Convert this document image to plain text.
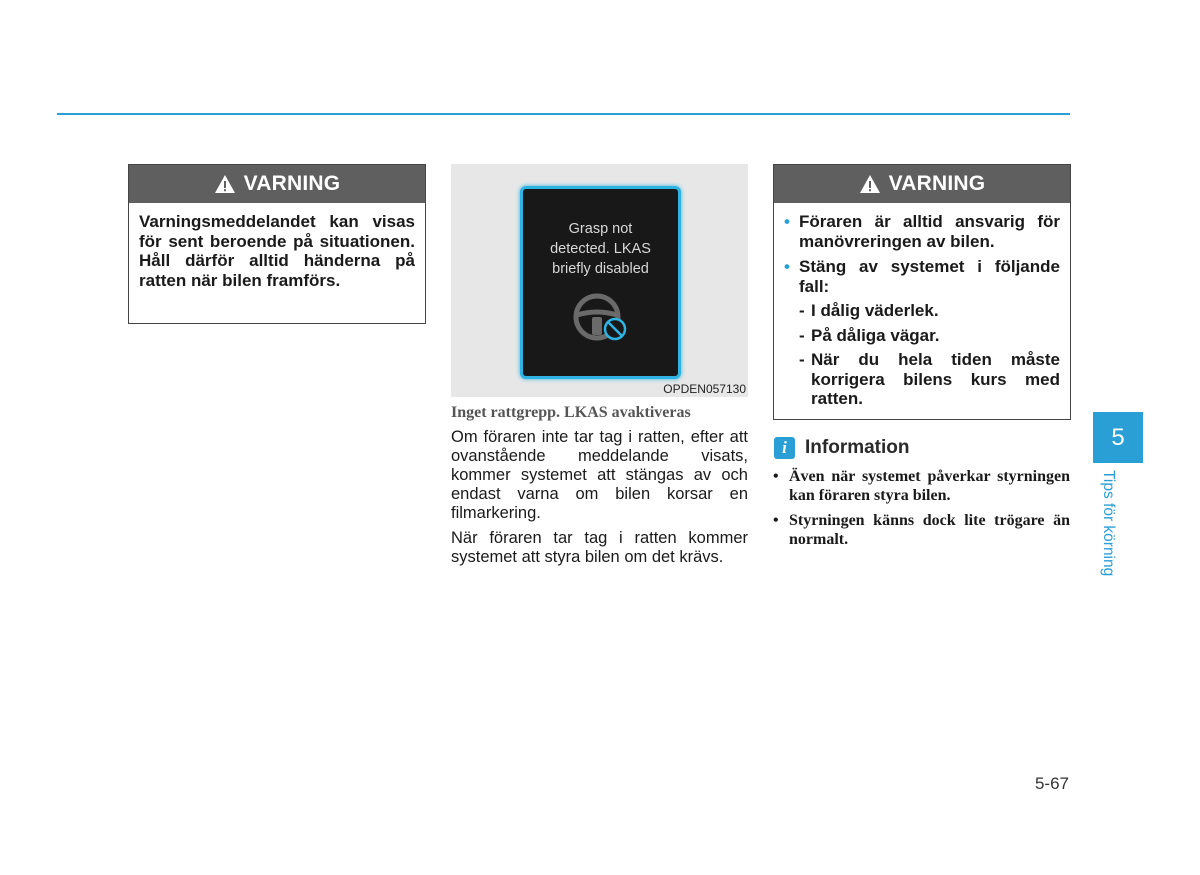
VARNING
Varningsmeddelandet kan visas för sent beroende på situationen. Håll därför alltid händerna på ratten när bilen framförs.
Grasp not
detected. LKAS
briefly disabled
OPDEN057130
Inget rattgrepp. LKAS avaktiveras
Om föraren inte tar tag i ratten, efter att ovanstående meddelande visats, kommer systemet att stängas av och endast varna om bilen korsar en filmarkering.
När föraren tar tag i ratten kommer systemet att styra bilen om det krävs.
VARNING
• Föraren är alltid ansvarig för manövreringen av bilen.
• Stäng av systemet i följande fall:
- I dålig väderlek.
- På dåliga vägar.
- När du hela tiden måste korrigera bilens kurs med ratten.
i Information
• Även när systemet påverkar styrningen kan föraren styra bilen.
• Styrningen känns dock lite trögare än normalt.
5
Tips för körning
5-67
